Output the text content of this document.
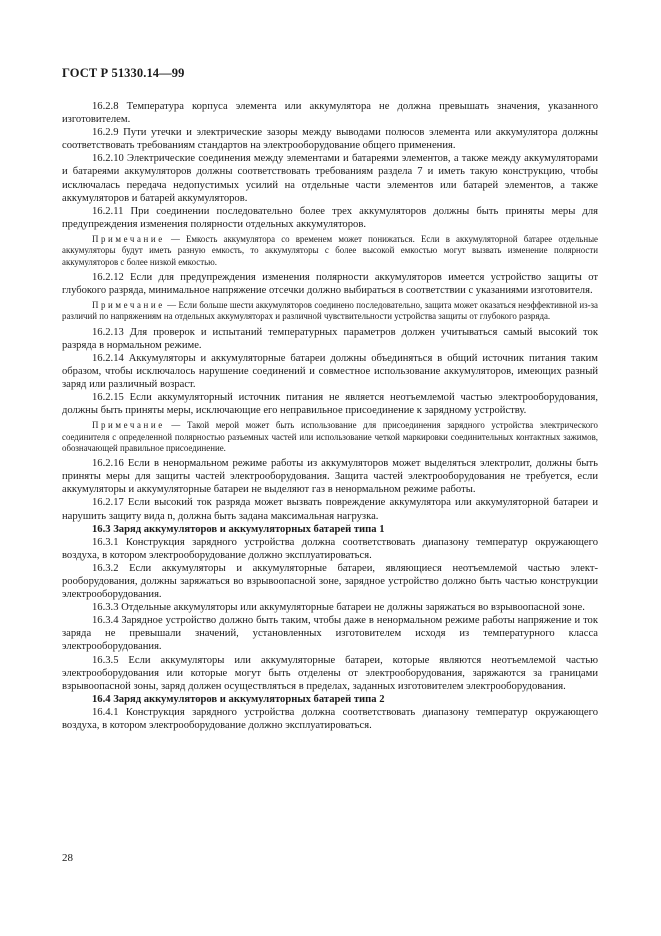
ГОСТ Р 51330.14—99

16.2.8 Температура корпуса элемента или аккумулятора не должна превышать значения, указанного изготовителем.

16.2.9 Пути утечки и электрические зазоры между выводами полюсов элемента или аккумулятора должны соответствовать требованиям стандартов на электрооборудование общего применения.

16.2.10 Электрические соединения между элементами и батареями элементов, а также между аккумуляторами и батареями аккумуляторов должны соответствовать требованиям раздела 7 и иметь такую конструкцию, чтобы исключалась передача недопустимых усилий на отдельные части элементов или батарей элементов, а также аккумуляторов и батарей аккумуляторов.

16.2.11 При соединении последовательно более трех аккумуляторов должны быть приняты меры для предупреждения изменения полярности отдельных аккумуляторов.

Примечание — Емкость аккумулятора со временем может понижаться. Если в аккумуляторной батарее отдельные аккумуляторы будут иметь разную емкость, то аккумуляторы с более высокой емкостью могут вызвать изменение полярности аккумуляторов с более низкой емкостью.

16.2.12 Если для предупреждения изменения полярности аккумуляторов имеется устройство защиты от глубокого разряда, минимальное напряжение отсечки должно выбираться в соответствии с указаниями изготовителя.

Примечание — Если больше шести аккумуляторов соединено последовательно, защита может оказаться неэффективной из-за различий по напряжениям на отдельных аккумуляторах и различной чувствительности устройства защиты от глубокого разряда.

16.2.13 Для проверок и испытаний температурных параметров должен учитываться самый высокий ток разряда в нормальном режиме.

16.2.14 Аккумуляторы и аккумуляторные батареи должны объединяться в общий источник питания таким образом, чтобы исключалось нарушение соединений и совместное использование аккумуляторов, имеющих разный заряд или различный возраст.

16.2.15 Если аккумуляторный источник питания не является неотъемлемой частью электрооборудования, должны быть приняты меры, исключающие его неправильное присоединение к зарядному устройству.

Примечание — Такой мерой может быть использование для присоединения зарядного устройства электрического соединителя с определенной полярностью разъемных частей или использование четкой маркировки соединительных контактных зажимов, обозначающей правильное присоединение.

16.2.16 Если в ненормальном режиме работы из аккумуляторов может выделяться электролит, должны быть приняты меры для защиты частей электрооборудования. Защита частей электрооборудования не требуется, если аккумуляторы и аккумуляторные батареи не выделяют газ в ненормальном режиме работы.

16.2.17 Если высокий ток разряда может вызвать повреждение аккумулятора или аккумуляторной батареи и нарушить защиту вида n, должна быть задана максимальная нагрузка.

16.3 Заряд аккумуляторов и аккумуляторных батарей типа 1

16.3.1 Конструкция зарядного устройства должна соответствовать диапазону температур окружающего воздуха, в котором электрооборудование должно эксплуатироваться.

16.3.2 Если аккумуляторы и аккумуляторные батареи, являющиеся неотъемлемой частью электрооборудования, должны заряжаться во взрывоопасной зоне, зарядное устройство должно быть частью конструкции электрооборудования.

16.3.3 Отдельные аккумуляторы или аккумуляторные батареи не должны заряжаться во взрывоопасной зоне.

16.3.4 Зарядное устройство должно быть таким, чтобы даже в ненормальном режиме работы напряжение и ток заряда не превышали значений, установленных изготовителем исходя из температурного класса электрооборудования.

16.3.5 Если аккумуляторы или аккумуляторные батареи, которые являются неотъемлемой частью электрооборудования или которые могут быть отделены от электрооборудования, заряжаются за границами взрывоопасной зоны, заряд должен осуществляться в пределах, заданных изготовителем электрооборудования.

16.4 Заряд аккумуляторов и аккумуляторных батарей типа 2

16.4.1 Конструкция зарядного устройства должна соответствовать диапазону температур окружающего воздуха, в котором электрооборудование должно эксплуатироваться.

28
